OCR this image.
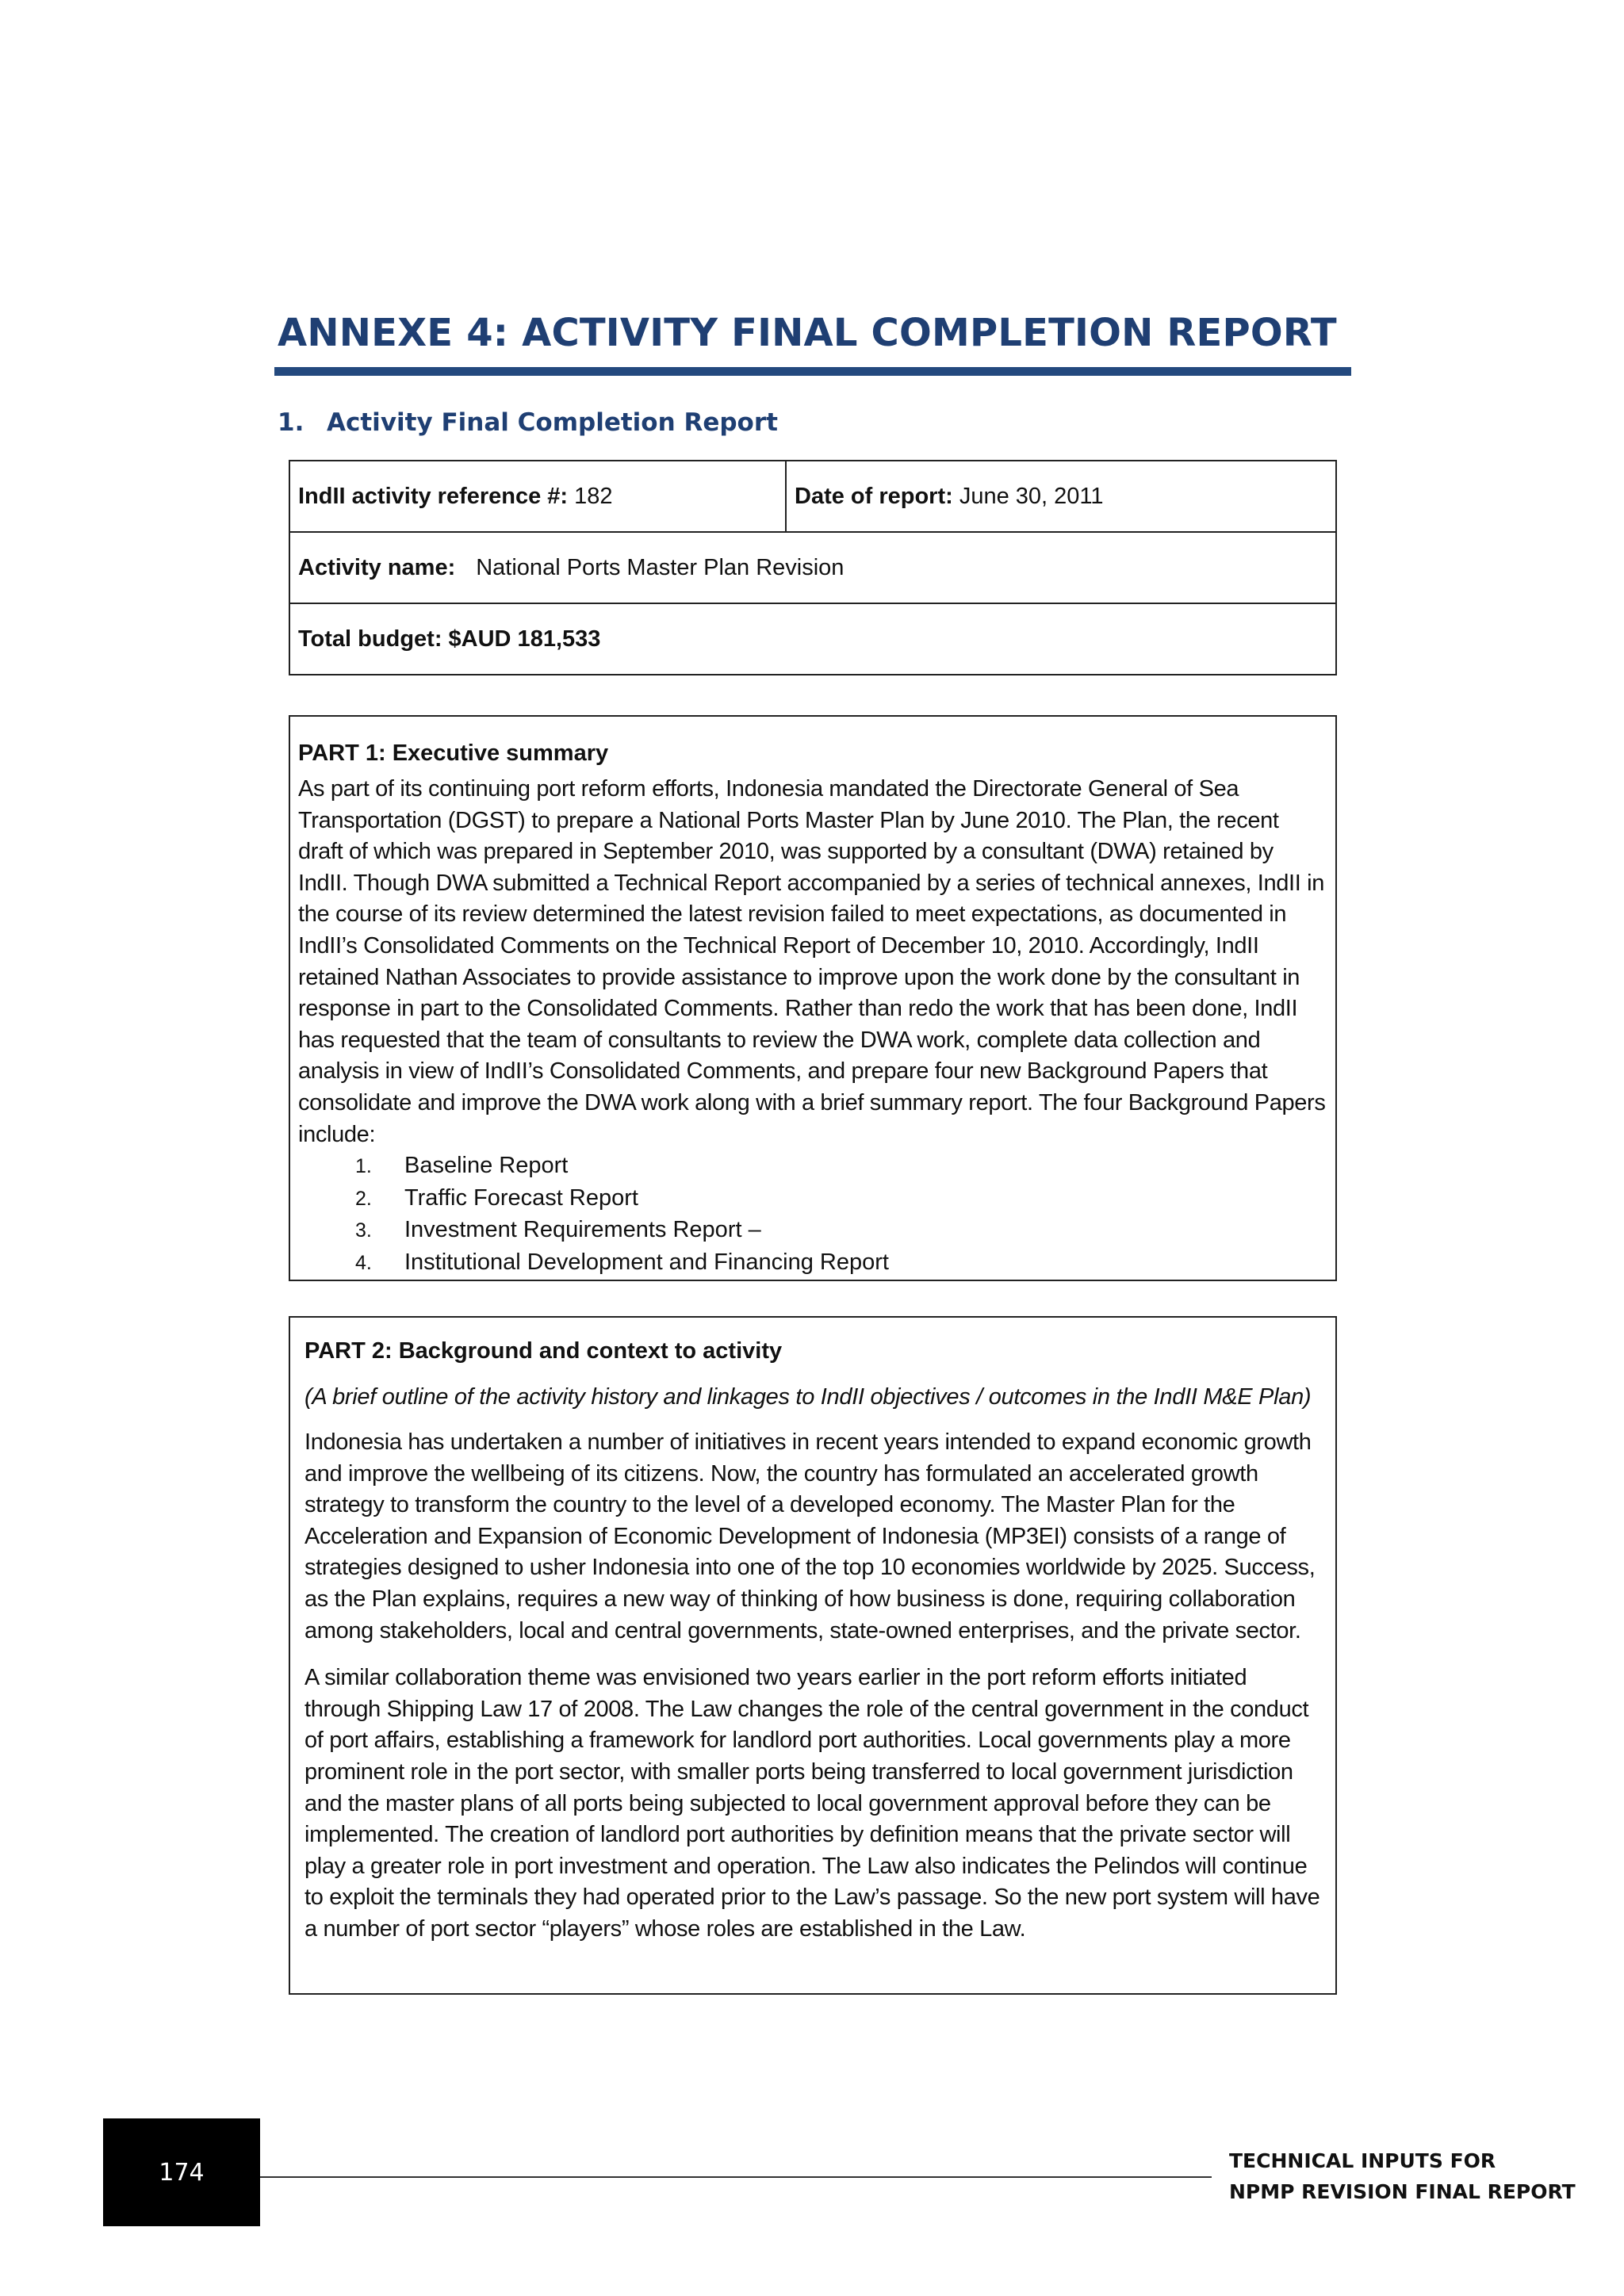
ANNEXE 4: ACTIVITY FINAL COMPLETION REPORT
1. Activity Final Completion Report
IndII activity reference #: 182	Date of report: June 30, 2011
Activity name: National Ports Master Plan Revision
Total budget: $AUD 181,533
PART 1: Executive summary

As part of its continuing port reform efforts, Indonesia mandated the Directorate General of Sea Transportation (DGST) to prepare a National Ports Master Plan by June 2010. The Plan, the recent draft of which was prepared in September 2010, was supported by a consultant (DWA) retained by IndII. Though DWA submitted a Technical Report accompanied by a series of technical annexes, IndII in the course of its review determined the latest revision failed to meet expectations, as documented in IndII’s Consolidated Comments on the Technical Report of December 10, 2010. Accordingly, IndII retained Nathan Associates to provide assistance to improve upon the work done by the consultant in response in part to the Consolidated Comments. Rather than redo the work that has been done, IndII has requested that the team of consultants to review the DWA work, complete data collection and analysis in view of IndII’s Consolidated Comments, and prepare four new Background Papers that consolidate and improve the DWA work along with a brief summary report. The four Background Papers include:

1. Baseline Report
2. Traffic Forecast Report
3. Investment Requirements Report –
4. Institutional Development and Financing Report
PART 2: Background and context to activity
(A brief outline of the activity history and linkages to IndII objectives / outcomes in the IndII M&E Plan)

Indonesia has undertaken a number of initiatives in recent years intended to expand economic growth and improve the wellbeing of its citizens. Now, the country has formulated an accelerated growth strategy to transform the country to the level of a developed economy. The Master Plan for the Acceleration and Expansion of Economic Development of Indonesia (MP3EI) consists of a range of strategies designed to usher Indonesia into one of the top 10 economies worldwide by 2025. Success, as the Plan explains, requires a new way of thinking of how business is done, requiring collaboration among stakeholders, local and central governments, state-owned enterprises, and the private sector.

A similar collaboration theme was envisioned two years earlier in the port reform efforts initiated through Shipping Law 17 of 2008. The Law changes the role of the central government in the conduct of port affairs, establishing a framework for landlord port authorities. Local governments play a more prominent role in the port sector, with smaller ports being transferred to local government jurisdiction and the master plans of all ports being subjected to local government approval before they can be implemented. The creation of landlord port authorities by definition means that the private sector will play a greater role in port investment and operation. The Law also indicates the Pelindos will continue to exploit the terminals they had operated prior to the Law’s passage. So the new port system will have a number of port sector “players” whose roles are established in the Law.

174	TECHNICAL INPUTS FOR
NPMP REVISION FINAL REPORT
